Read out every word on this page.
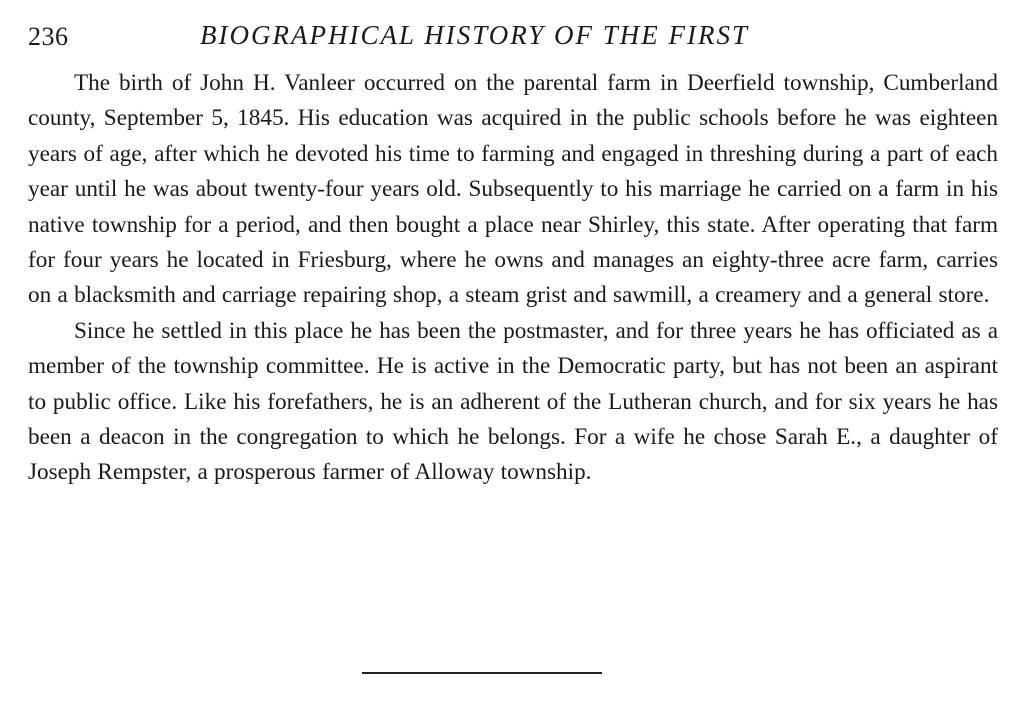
236	BIOGRAPHICAL HISTORY OF THE FIRST

The birth of John H. Vanleer occurred on the parental farm in Deerfield township, Cumberland county, September 5, 1845. His education was acquired in the public schools before he was eighteen years of age, after which he devoted his time to farming and engaged in threshing during a part of each year until he was about twenty-four years old. Subsequently to his marriage he carried on a farm in his native township for a period, and then bought a place near Shirley, this state. After operating that farm for four years he located in Friesburg, where he owns and manages an eighty-three acre farm, carries on a blacksmith and carriage repairing shop, a steam grist and sawmill, a creamery and a general store.

Since he settled in this place he has been the postmaster, and for three years he has officiated as a member of the township committee. He is active in the Democratic party, but has not been an aspirant to public office. Like his forefathers, he is an adherent of the Lutheran church, and for six years he has been a deacon in the congregation to which he belongs. For a wife he chose Sarah E., a daughter of Joseph Rempster, a prosperous farmer of Alloway township.
